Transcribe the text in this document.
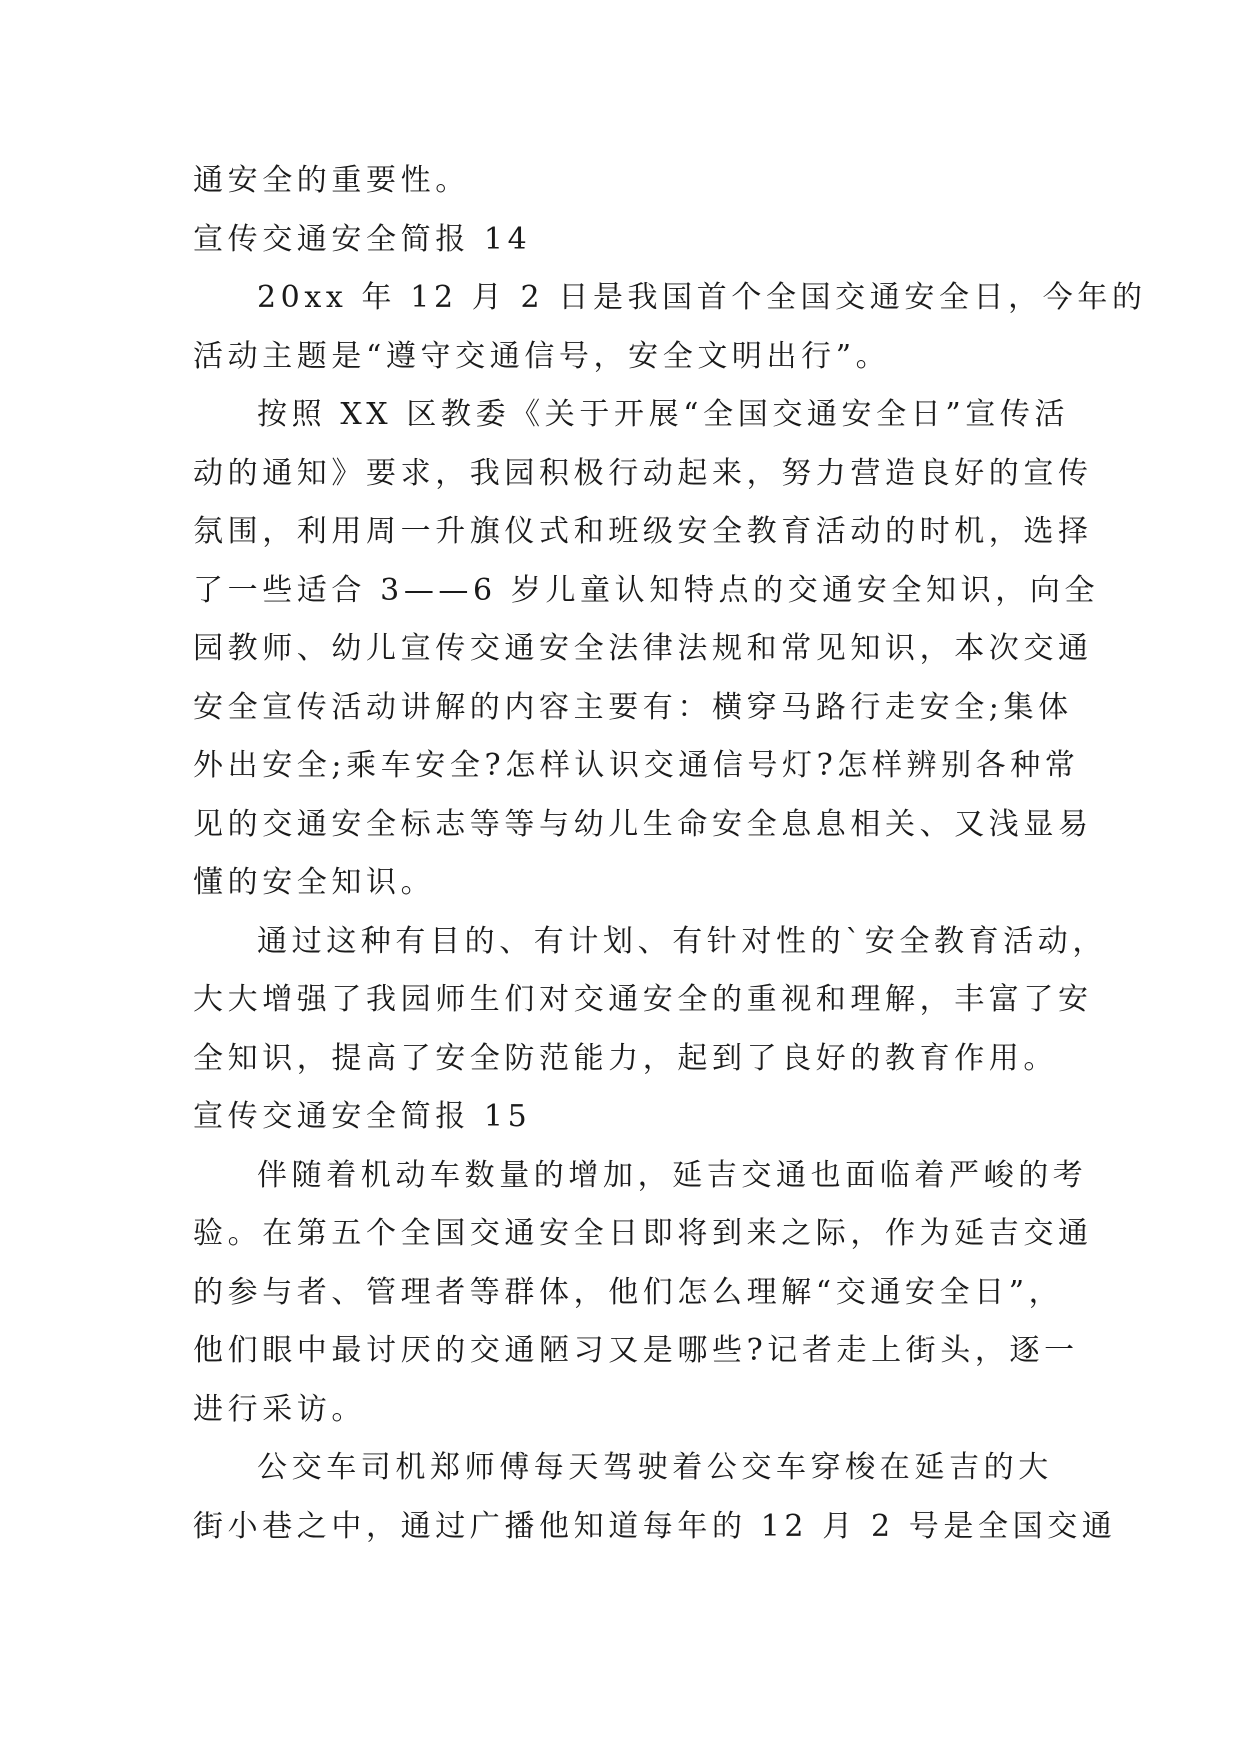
通安全的重要性。
宣传交通安全简报 14
20xx 年 12 月 2 日是我国首个全国交通安全日，今年的
活动主题是“遵守交通信号，安全文明出行”。
按照 XX 区教委《关于开展“全国交通安全日”宣传活
动的通知》要求，我园积极行动起来，努力营造良好的宣传
氛围，利用周一升旗仪式和班级安全教育活动的时机，选择
了一些适合 3——6 岁儿童认知特点的交通安全知识，向全
园教师、幼儿宣传交通安全法律法规和常见知识，本次交通
安全宣传活动讲解的内容主要有：横穿马路行走安全;集体
外出安全;乘车安全?怎样认识交通信号灯?怎样辨别各种常
见的交通安全标志等等与幼儿生命安全息息相关、又浅显易
懂的安全知识。
通过这种有目的、有计划、有针对性的`安全教育活动，
大大增强了我园师生们对交通安全的重视和理解，丰富了安
全知识，提高了安全防范能力，起到了良好的教育作用。
宣传交通安全简报 15
伴随着机动车数量的增加，延吉交通也面临着严峻的考
验。在第五个全国交通安全日即将到来之际，作为延吉交通
的参与者、管理者等群体，他们怎么理解“交通安全日”，
他们眼中最讨厌的交通陋习又是哪些?记者走上街头，逐一
进行采访。
公交车司机郑师傅每天驾驶着公交车穿梭在延吉的大
街小巷之中，通过广播他知道每年的 12 月 2 号是全国交通
